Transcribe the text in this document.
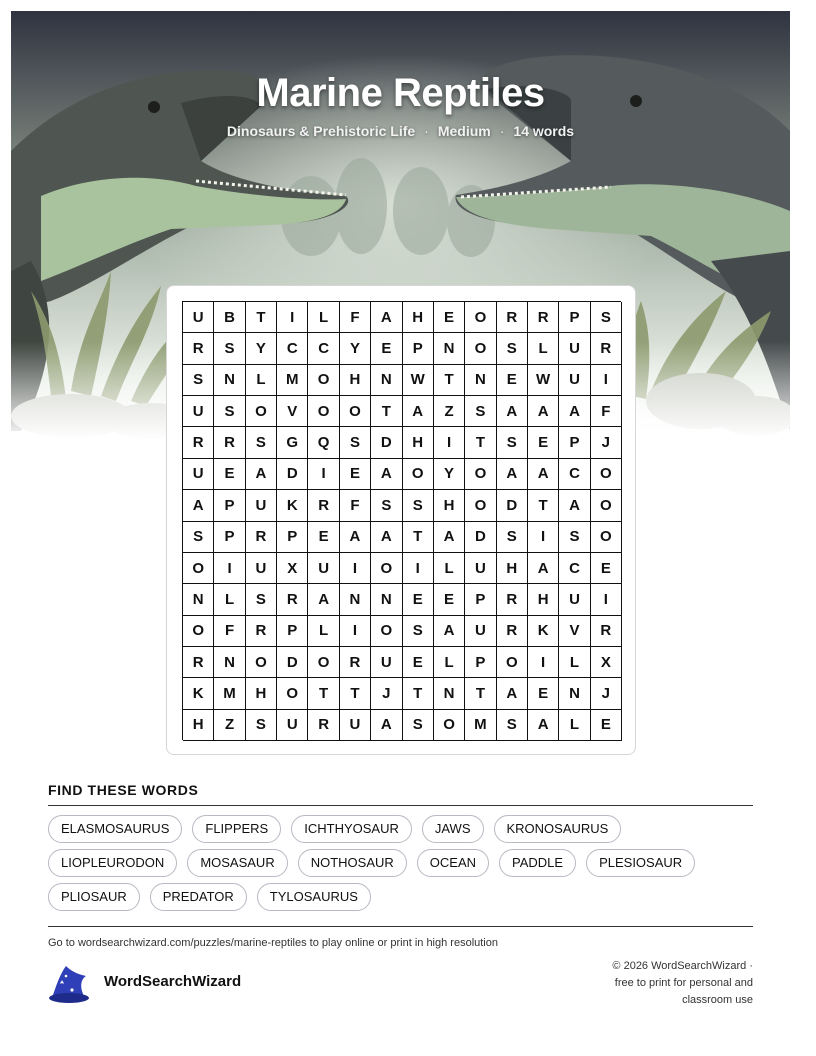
Marine Reptiles
Dinosaurs & Prehistoric Life · Medium · 14 words
U	B	T	I	L	F	A	H	E	O	R	R	P	S
R	S	Y	C	C	Y	E	P	N	O	S	L	U	R
S	N	L	M	O	H	N	W	T	N	E	W	U	I
U	S	O	V	O	O	T	A	Z	S	A	A	A	F
R	R	S	G	Q	S	D	H	I	T	S	E	P	J
U	E	A	D	I	E	A	O	Y	O	A	A	C	O
A	P	U	K	R	F	S	S	H	O	D	T	A	O
S	P	R	P	E	A	A	T	A	D	S	I	S	O
O	I	U	X	U	I	O	I	L	U	H	A	C	E
N	L	S	R	A	N	N	E	E	P	R	H	U	I
O	F	R	P	L	I	O	S	A	U	R	K	V	R
R	N	O	D	O	R	U	E	L	P	O	I	L	X
K	M	H	O	T	T	J	T	N	T	A	E	N	J
H	Z	S	U	R	U	A	S	O	M	S	A	L	E
FIND THESE WORDS
ELASMOSAURUS	FLIPPERS	ICHTHYOSAUR	JAWS	KRONOSAURUS
LIOPLEURODON	MOSASAUR	NOTHOSAUR	OCEAN	PADDLE	PLESIOSAUR
PLIOSAUR	PREDATOR	TYLOSAURUS
Go to wordsearchwizard.com/puzzles/marine-reptiles to play online or print in high resolution
WordSearchWizard
© 2026 WordSearchWizard ·
free to print for personal and
classroom use
